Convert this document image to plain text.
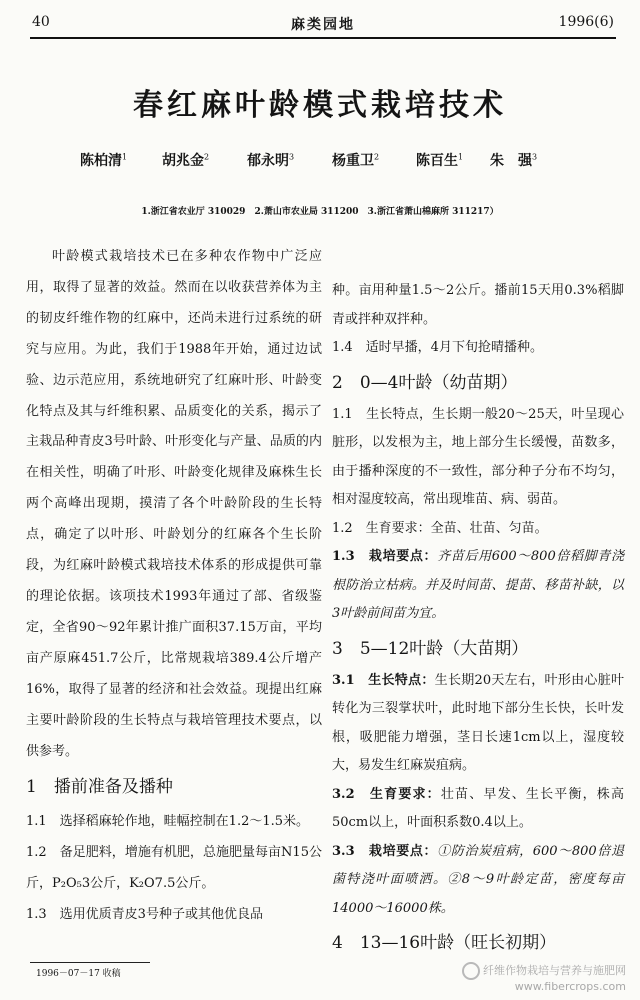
40	麻类园地	1996(6)
春红麻叶龄模式栽培技术
陈柏清$^1$ 胡兆金$^2$	郁永明$^3$	杨重卫$^2$	陈百生$^1$ 朱　强$^3$
1.浙江省农业厅 310029　2.萧山市农业局 311200　3.浙江省萧山棉麻所 311217）

叶龄模式栽培技术已在多种农作物中广泛应用，取得了显著的效益。然而在以收获营养体为主的韧皮纤维作物的红麻中，还尚未进行过系统的研究与应用。为此，我们于1988年开始，通过边试验、边示范应用，系统地研究了红麻叶形、叶龄变化特点及其与纤维积累、品质变化的关系，揭示了主栽品种青皮3号叶龄、叶形变化与产量、品质的内在相关性，明确了叶形、叶龄变化规律及麻株生长两个高峰出现期，摸清了各个叶龄阶段的生长特点，确定了以叶形、叶龄划分的红麻各个生长阶段，为红麻叶龄模式栽培技术体系的形成提供可靠的理论依据。该项技术1993年通过了部、省级鉴定，全省90～92年累计推广面积37.15万亩，平均亩产原麻451.7公斤，比常规栽培389.4公斤增产16%，取得了显著的经济和社会效益。现提出红麻主要叶龄阶段的生长特点与栽培管理技术要点，以供参考。

1　播前准备及播种

1.1　选择稻麻轮作地，畦幅控制在1.2～1.5米。

1.2　备足肥料，增施有机肥，总施肥量每亩N15公斤，P₂O₅3公斤，K₂O7.5公斤。

1.3　选用优质青皮3号种子或其他优良品

种。亩用种量1.5～2公斤。播前15天用0.3%稻脚青或拌种双拌种。

1.4　适时早播，4月下旬抢晴播种。

2　0—4叶龄（幼苗期）

1.1　生长特点，生长期一般20～25天，叶呈现心脏形，以发根为主，地上部分生长缓慢，苗数多，由于播种深度的不一致性，部分种子分布不均匀，相对湿度较高，常出现堆苗、病、弱苗。

1.2　生育要求：全苗、壮苗、匀苗。

1.3　栽培要点：齐苗后用600～800倍稻脚青浇根防治立枯病。并及时间苗、提苗、移苗补缺，以3叶龄前间苗为宜。

3　5—12叶龄（大苗期）

3.1　生长特点：生长期20天左右，叶形由心脏叶转化为三裂掌状叶，此时地下部分生长快，长叶发根，吸肥能力增强，茎日长速1cm以上，湿度较大，易发生红麻炭疽病。

3.2　生育要求：壮苗、早发、生长平衡，株高50cm以上，叶面积系数0.4以上。

3.3　栽培要点：①防治炭疽病，600～800倍退菌特浇叶面喷洒。②8～9叶龄定苗，密度每亩14000～16000株。

4　13—16叶龄（旺长初期）
1996－07－17 收稿	纤维作物栽培与营养与施肥网
www.fibercrops.com
